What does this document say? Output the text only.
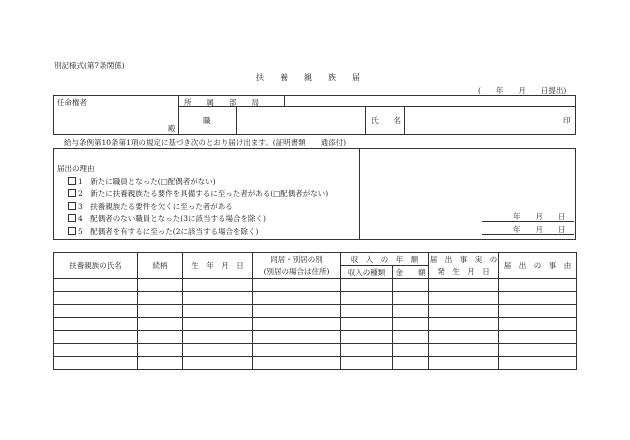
別記様式(第7条関係)
扶　　養　　親　　族　　届
(　　年　　月　　日提出)
任命権者	所　　属　　部　　局
職
殿
氏　　名	印
給与条例第10条第1項の規定に基づき次のとおり届け出ます。(証明書類　　通添付)
届出の理由
1　新たに職員となった(□配偶者がない)
2　新たに扶養親族たる要件を具備するに至った者がある(□配偶者がない)
3　扶養親族たる要件を欠くに至った者がある
4　配偶者のない職員となった(3に該当する場合を除く)
5　配偶者を有するに至った(2に該当する場合を除く)
年　　月　　日
年　　月　　日
扶養親族の氏名	続柄	生　年　月　日	同居・別居の別	収　入　の　年　額		届　出　事　実　の	届　出　の　事　由
			(別居の場合は住所)	収入の種類	金　　額	発　生　月　日	
